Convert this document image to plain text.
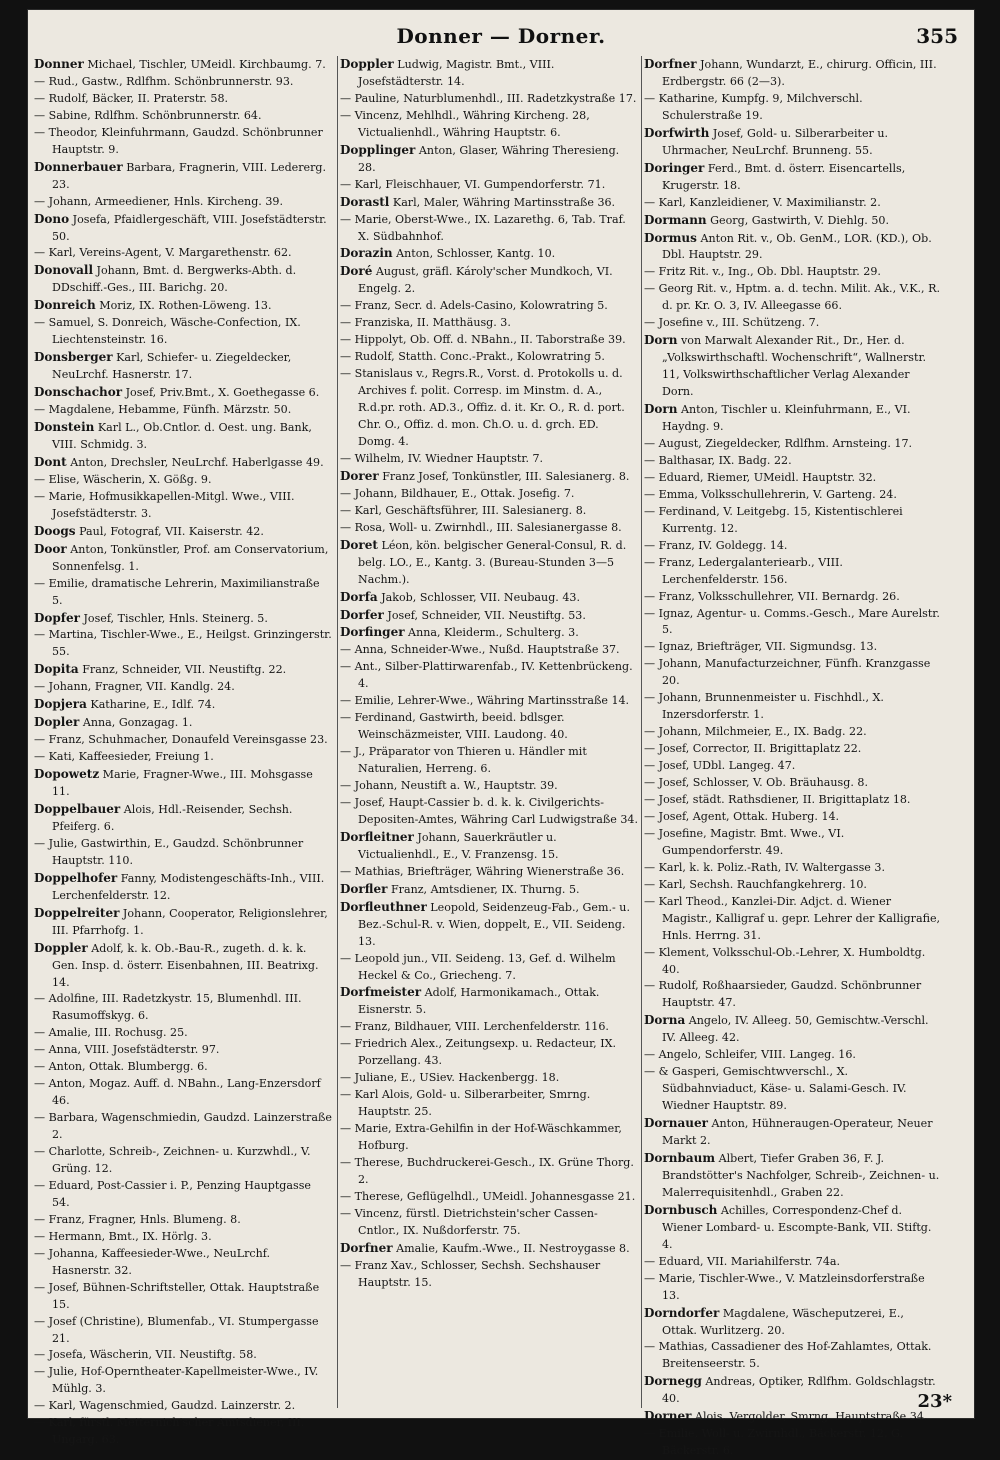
Donner — Dorner.	355

Donner Michael, Tischler, UMeidl. Kirchbaumg. 7.

— Rud., Gastw., Rdlfhm. Schönbrunnerstr. 93.

— Rudolf, Bäcker, II. Praterstr. 58.

— Sabine, Rdlfhm. Schönbrunnerstr. 64.

— Theodor, Kleinfuhrmann, Gaudzd. Schönbrunner Hauptstr. 9.

Donnerbauer Barbara, Fragnerin, VIII. Ledererg. 23.

— Johann, Armeediener, Hnls. Kircheng. 39.

Dono Josefa, Pfaidlergeschäft, VIII. Josefstädterstr. 50.

— Karl, Vereins-Agent, V. Margarethenstr. 62.

Donovall Johann, Bmt. d. Bergwerks-Abth. d. DDschiff.-Ges., III. Barichg. 20.

Donreich Moriz, IX. Rothen-Löweng. 13.

— Samuel, S. Donreich, Wäsche-Confection, IX. Liechtensteinstr. 16.

Donsberger Karl, Schiefer- u. Ziegeldecker, NeuLrchf. Hasnerstr. 17.

Donschachor Josef, Priv.Bmt., X. Goethegasse 6.

— Magdalene, Hebamme, Fünfh. Märzstr. 50.

Donstein Karl L., Ob.Cntlor. d. Oest. ung. Bank, VIII. Schmidg. 3.

Dont Anton, Drechsler, NeuLrchf. Haberlgasse 49.

— Elise, Wäscherin, X. Gößg. 9.

— Marie, Hofmusikkapellen-Mitgl. Wwe., VIII. Josefstädterstr. 3.

Doogs Paul, Fotograf, VII. Kaiserstr. 42.

Door Anton, Tonkünstler, Prof. am Conservatorium, Sonnenfelsg. 1.

— Emilie, dramatische Lehrerin, Maximilianstraße 5.

Dopfer Josef, Tischler, Hnls. Steinerg. 5.

— Martina, Tischler-Wwe., E., Heilgst. Grinzingerstr. 55.

Dopita Franz, Schneider, VII. Neustiftg. 22.

— Johann, Fragner, VII. Kandlg. 24.

Dopjera Katharine, E., Idlf. 74.

Dopler Anna, Gonzagag. 1.

— Franz, Schuhmacher, Donaufeld Vereinsgasse 23.

— Kati, Kaffeesieder, Freiung 1.

Dopowetz Marie, Fragner-Wwe., III. Mohsgasse 11.

Doppelbauer Alois, Hdl.-Reisender, Sechsh. Pfeiferg. 6.

— Julie, Gastwirthin, E., Gaudzd. Schönbrunner Hauptstr. 110.

Doppelhofer Fanny, Modistengeschäfts-Inh., VIII. Lerchenfelderstr. 12.

Doppelreiter Johann, Cooperator, Religionslehrer, III. Pfarrhofg. 1.

Doppler Adolf, k. k. Ob.-Bau-R., zugeth. d. k. k. Gen. Insp. d. österr. Eisenbahnen, III. Beatrixg. 14.

— Adolfine, III. Radetzkystr. 15, Blumenhdl. III. Rasumoffskyg. 6.

— Amalie, III. Rochusg. 25.

— Anna, VIII. Josefstädterstr. 97.

— Anton, Ottak. Blumbergg. 6.

— Anton, Mogaz. Auff. d. NBahn., Lang-Enzersdorf 46.

— Barbara, Wagenschmiedin, Gaudzd. Lainzerstraße 2.

— Charlotte, Schreib-, Zeichnen- u. Kurzwhdl., V. Grüng. 12.

— Eduard, Post-Cassier i. P., Penzing Hauptgasse 54.

— Franz, Fragner, Hnls. Blumeng. 8.

— Hermann, Bmt., IX. Hörlg. 3.

— Johanna, Kaffeesieder-Wwe., NeuLrchf. Hasnerstr. 32.

— Josef, Bühnen-Schriftsteller, Ottak. Hauptstraße 15.

— Josef (Christine), Blumenfab., VI. Stumpergasse 21.

— Josefa, Wäscherin, VII. Neustiftg. 58.

— Julie, Hof-Operntheater-Kapellmeister-Wwe., IV. Mühlg. 3.

— Karl, Wagenschmied, Gaudzd. Lainzerstr. 2.

— Karl, fürstl. Metternich'scher Amtsdiener, III. Ungarg. 63.

Doppler Ludwig, Magistr. Bmt., VIII. Josefstädterstr. 14.

— Pauline, Naturblumenhdl., III. Radetzkystraße 17.

— Vincenz, Mehlhdl., Währing Kircheng. 28, Victualienhdl., Währing Hauptstr. 6.

Dopplinger Anton, Glaser, Währing Theresieng. 28.

— Karl, Fleischhauer, VI. Gumpendorferstr. 71.

Dorastl Karl, Maler, Währing Martinsstraße 36.

— Marie, Oberst-Wwe., IX. Lazarethg. 6, Tab. Traf. X. Südbahnhof.

Dorazin Anton, Schlosser, Kantg. 10.

Doré August, gräfl. Károly'scher Mundkoch, VI. Engelg. 2.

— Franz, Secr. d. Adels-Casino, Kolowratring 5.

— Franziska, II. Matthäusg. 3.

— Hippolyt, Ob. Off. d. NBahn., II. Taborstraße 39.

— Rudolf, Statth. Conc.-Prakt., Kolowratring 5.

— Stanislaus v., Regrs.R., Vorst. d. Protokolls u. d. Archives f. polit. Corresp. im Minstm. d. A., R.d.pr. roth. AD.3., Offiz. d. it. Kr. O., R. d. port. Chr. O., Offiz. d. mon. Ch.O. u. d. grch. ED. Domg. 4.

— Wilhelm, IV. Wiedner Hauptstr. 7.

Dorer Franz Josef, Tonkünstler, III. Salesianerg. 8.

— Johann, Bildhauer, E., Ottak. Josefig. 7.

— Karl, Geschäftsführer, III. Salesianerg. 8.

— Rosa, Woll- u. Zwirnhdl., III. Salesianergasse 8.

Doret Léon, kön. belgischer General-Consul, R. d. belg. LO., E., Kantg. 3. (Bureau-Stunden 3—5 Nachm.).

Dorfa Jakob, Schlosser, VII. Neubaug. 43.

Dorfer Josef, Schneider, VII. Neustiftg. 53.

Dorfinger Anna, Kleiderm., Schulterg. 3.

— Anna, Schneider-Wwe., Nußd. Hauptstraße 37.

— Ant., Silber-Plattirwarenfab., IV. Kettenbrückeng. 4.

— Emilie, Lehrer-Wwe., Währing Martinsstraße 14.

— Ferdinand, Gastwirth, beeid. bdlsger. Weinschäzmeister, VIII. Laudong. 40.

— J., Präparator von Thieren u. Händler mit Naturalien, Herreng. 6.

— Johann, Neustift a. W., Hauptstr. 39.

— Josef, Haupt-Cassier b. d. k. k. Civilgerichts-Depositen-Amtes, Währing Carl Ludwigstraße 34.

Dorfleitner Johann, Sauerkräutler u. Victualienhdl., E., V. Franzensg. 15.

— Mathias, Briefträger, Währing Wienerstraße 36.

Dorfler Franz, Amtsdiener, IX. Thurng. 5.

Dorfleuthner Leopold, Seidenzeug-Fab., Gem.- u. Bez.-Schul-R. v. Wien, doppelt, E., VII. Seideng. 13.

— Leopold jun., VII. Seideng. 13, Gef. d. Wilhelm Heckel & Co., Griecheng. 7.

Dorfmeister Adolf, Harmonikamach., Ottak. Eisnerstr. 5.

— Franz, Bildhauer, VIII. Lerchenfelderstr. 116.

— Friedrich Alex., Zeitungsexp. u. Redacteur, IX. Porzellang. 43.

— Juliane, E., USiev. Hackenbergg. 18.

— Karl Alois, Gold- u. Silberarbeiter, Smrng. Hauptstr. 25.

— Marie, Extra-Gehilfin in der Hof-Wäschkammer, Hofburg.

— Therese, Buchdruckerei-Gesch., IX. Grüne Thorg. 2.

— Therese, Geflügelhdl., UMeidl. Johannesgasse 21.

— Vincenz, fürstl. Dietrichstein'scher Cassen-Cntlor., IX. Nußdorferstr. 75.

Dorfner Amalie, Kaufm.-Wwe., II. Nestroygasse 8.

— Franz Xav., Schlosser, Sechsh. Sechshauser Hauptstr. 15.

Dorfner Johann, Wundarzt, E., chirurg. Officin, III. Erdbergstr. 66 (2—3).

— Katharine, Kumpfg. 9, Milchverschl. Schulerstraße 19.

Dorfwirth Josef, Gold- u. Silberarbeiter u. Uhrmacher, NeuLrchf. Brunneng. 55.

Doringer Ferd., Bmt. d. österr. Eisencartells, Krugerstr. 18.

— Karl, Kanzleidiener, V. Maximilianstr. 2.

Dormann Georg, Gastwirth, V. Diehlg. 50.

Dormus Anton Rit. v., Ob. GenM., LOR. (KD.), Ob. Dbl. Hauptstr. 29.

— Fritz Rit. v., Ing., Ob. Dbl. Hauptstr. 29.

— Georg Rit. v., Hptm. a. d. techn. Milit. Ak., V.K., R. d. pr. Kr. O. 3, IV. Alleegasse 66.

— Josefine v., III. Schützeng. 7.

Dorn von Marwalt Alexander Rit., Dr., Her. d. „Volkswirthschaftl. Wochenschrift“, Wallnerstr. 11, Volkswirthschaftlicher Verlag Alexander Dorn.

Dorn Anton, Tischler u. Kleinfuhrmann, E., VI. Haydng. 9.

— August, Ziegeldecker, Rdlfhm. Arnsteing. 17.

— Balthasar, IX. Badg. 22.

— Eduard, Riemer, UMeidl. Hauptstr. 32.

— Emma, Volksschullehrerin, V. Garteng. 24.

— Ferdinand, V. Leitgebg. 15, Kistentischlerei Kurrentg. 12.

— Franz, IV. Goldegg. 14.

— Franz, Ledergalanteriearb., VIII. Lerchenfelderstr. 156.

— Franz, Volksschullehrer, VII. Bernardg. 26.

— Ignaz, Agentur- u. Comms.-Gesch., Mare Aurelstr. 5.

— Ignaz, Briefträger, VII. Sigmundsg. 13.

— Johann, Manufacturzeichner, Fünfh. Kranzgasse 20.

— Johann, Brunnenmeister u. Fischhdl., X. Inzersdorferstr. 1.

— Johann, Milchmeier, E., IX. Badg. 22.

— Josef, Corrector, II. Brigittaplatz 22.

— Josef, UDbl. Langeg. 47.

— Josef, Schlosser, V. Ob. Bräuhausg. 8.

— Josef, städt. Rathsdiener, II. Brigittaplatz 18.

— Josef, Agent, Ottak. Huberg. 14.

— Josefine, Magistr. Bmt. Wwe., VI. Gumpendorferstr. 49.

— Karl, k. k. Poliz.-Rath, IV. Waltergasse 3.

— Karl, Sechsh. Rauchfangkehrerg. 10.

— Karl Theod., Kanzlei-Dir. Adjct. d. Wiener Magistr., Kalligraf u. gepr. Lehrer der Kalligrafie, Hnls. Herrng. 31.

— Klement, Volksschul-Ob.-Lehrer, X. Humboldtg. 40.

— Rudolf, Roßhaarsieder, Gaudzd. Schönbrunner Hauptstr. 47.

Dorna Angelo, IV. Alleeg. 50, Gemischtw.-Verschl. IV. Alleeg. 42.

— Angelo, Schleifer, VIII. Langeg. 16.

— & Gasperi, Gemischtwverschl., X. Südbahnviaduct, Käse- u. Salami-Gesch. IV. Wiedner Hauptstr. 89.

Dornauer Anton, Hühneraugen-Operateur, Neuer Markt 2.

Dornbaum Albert, Tiefer Graben 36, F. J. Brandstötter's Nachfolger, Schreib-, Zeichnen- u. Malerrequisitenhdl., Graben 22.

Dornbusch Achilles, Correspondenz-Chef d. Wiener Lombard- u. Escompte-Bank, VII. Stiftg. 4.

— Eduard, VII. Mariahilferstr. 74a.

— Marie, Tischler-Wwe., V. Matzleinsdorferstraße 13.

Dorndorfer Magdalene, Wäscheputzerei, E., Ottak. Wurlitzerg. 20.

— Mathias, Cassadiener des Hof-Zahlamtes, Ottak. Breitenseerstr. 5.

Dornegg Andreas, Optiker, Rdlfhm. Goldschlagstr. 40.

Dorner Alois, Vergolder, Smrng. Hauptstraße 34.

— Emilie, Woll- u. Zwirnhdl., Bäckerstr. 12, G. Bäckerstr. 6.

23*
